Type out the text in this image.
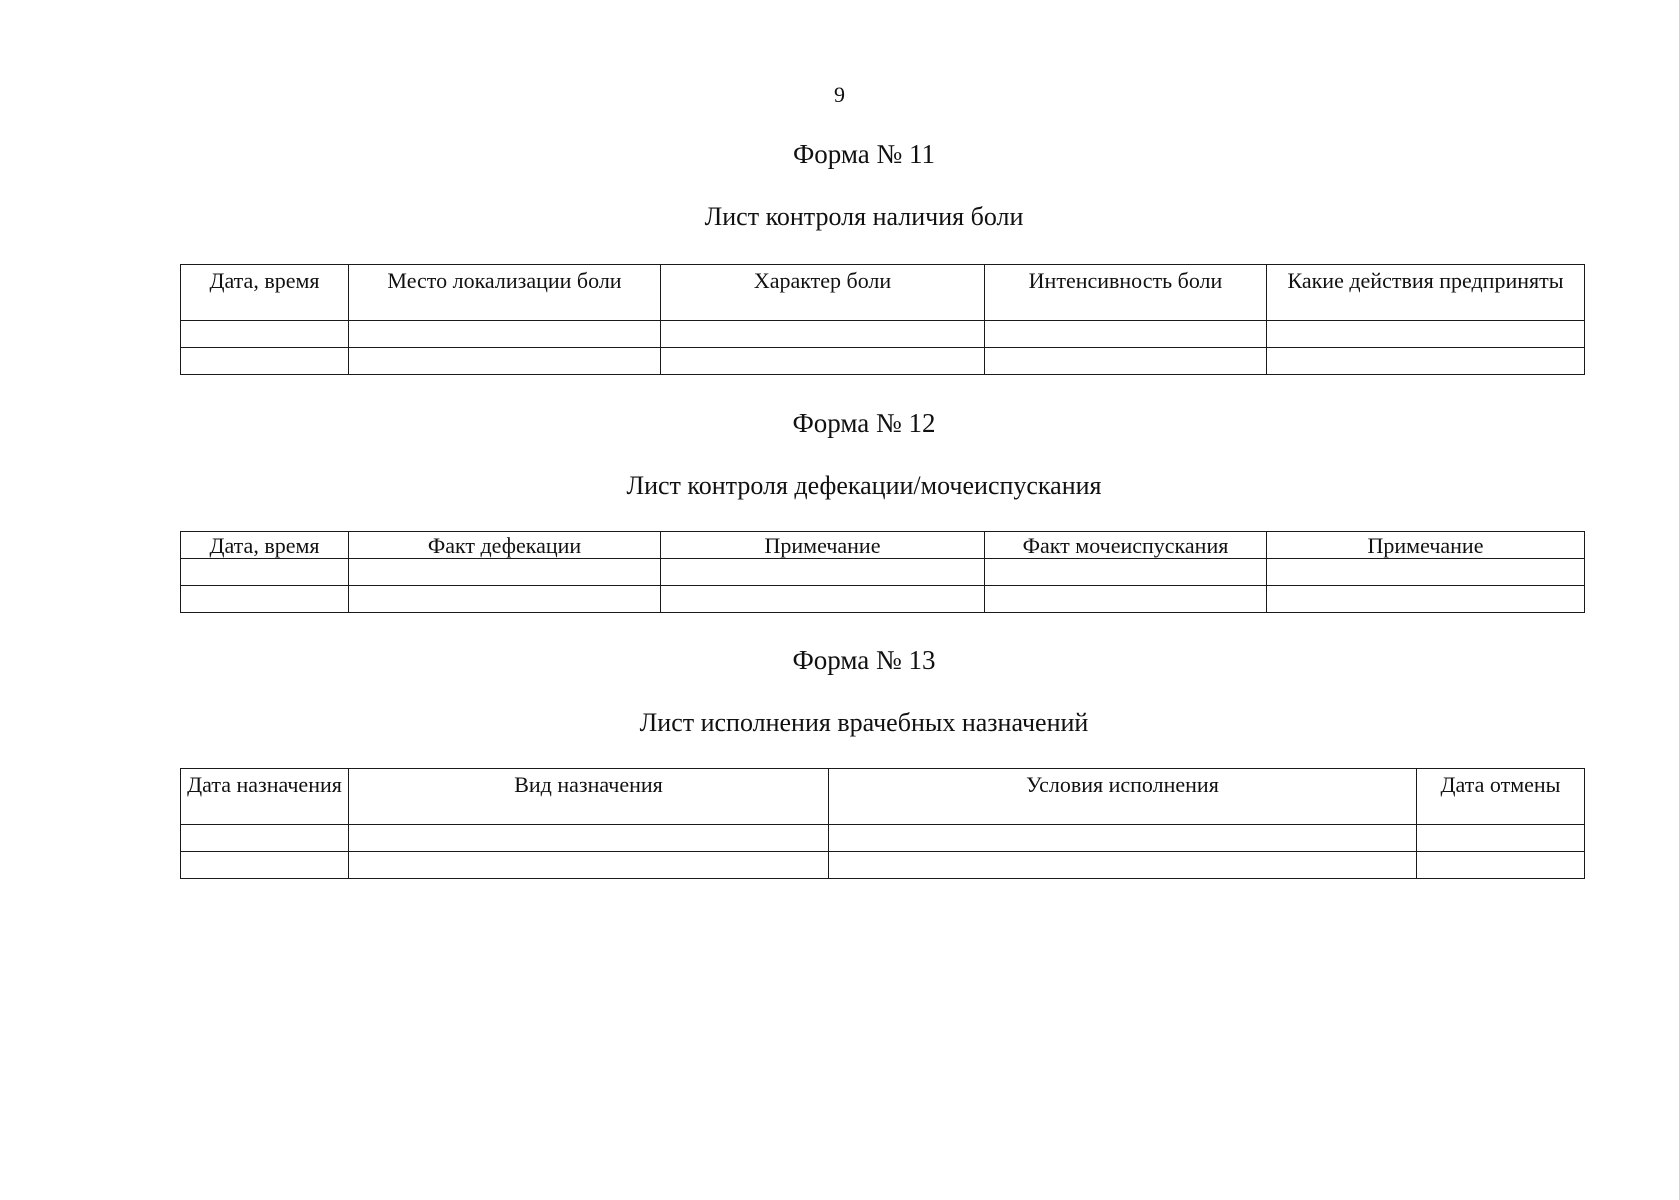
9
Форма № 11
Лист контроля наличия боли
Дата, время	Место локализации боли	Характер боли	Интенсивность боли	Какие действия предприняты

Форма № 12
Лист контроля дефекации/мочеиспускания
Дата, время	Факт дефекации	Примечание	Факт мочеиспускания	Примечание

Форма № 13
Лист исполнения врачебных назначений
Дата назначения	Вид назначения	Условия исполнения	Дата отмены
